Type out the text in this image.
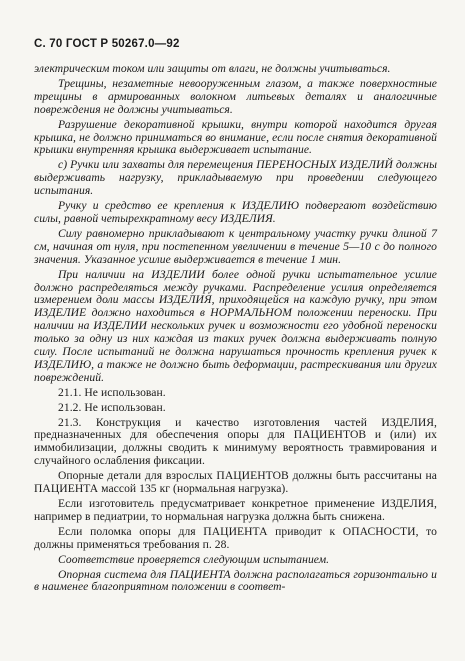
С. 70 ГОСТ Р 50267.0—92

электрическим током или защиты от влаги, не должны учитываться.

Трещины, незаметные невооруженным глазом, а также поверхностные трещины в армированных волокном литьевых деталях и аналогичные повреждения не должны учитываться.

Разрушение декоративной крышки, внутри которой находится другая крышка, не должно приниматься во внимание, если после снятия декоративной крышки внутренняя крышка выдерживает испытание.

с) Ручки или захваты для перемещения ПЕРЕНОСНЫХ ИЗДЕЛИЙ должны выдерживать нагрузку, прикладываемую при проведении следующего испытания.

Ручку и средство ее крепления к ИЗДЕЛИЮ подвергают воздействию силы, равной четырехкратному весу ИЗДЕЛИЯ.

Силу равномерно прикладывают к центральному участку ручки длиной 7 см, начиная от нуля, при постепенном увеличении в течение 5—10 с до полного значения. Указанное усилие выдерживается в течение 1 мин.

При наличии на ИЗДЕЛИИ более одной ручки испытательное усилие должно распределяться между ручками. Распределение усилия определяется измерением доли массы ИЗДЕЛИЯ, приходящейся на каждую ручку, при этом ИЗДЕЛИЕ должно находиться в НОРМАЛЬНОМ положении переноски. При наличии на ИЗДЕЛИИ нескольких ручек и возможности его удобной переноски только за одну из них каждая из таких ручек должна выдерживать полную силу. После испытаний не должна нарушаться прочность крепления ручек к ИЗДЕЛИЮ, а также не должно быть деформации, растрескивания или других повреждений.

21.1. Не использован.

21.2. Не использован.

21.3. Конструкция и качество изготовления частей ИЗДЕЛИЯ, предназначенных для обеспечения опоры для ПАЦИЕНТОВ и (или) их иммобилизации, должны сводить к минимуму вероятность травмирования и случайного ослабления фиксации.

Опорные детали для взрослых ПАЦИЕНТОВ должны быть рассчитаны на ПАЦИЕНТА массой 135 кг (нормальная нагрузка).

Если изготовитель предусматривает конкретное применение ИЗДЕЛИЯ, например в педиатрии, то нормальная нагрузка должна быть снижена.

Если поломка опоры для ПАЦИЕНТА приводит к ОПАСНОСТИ, то должны применяться требования п. 28.

Соответствие проверяется следующим испытанием.

Опорная система для ПАЦИЕНТА должна располагаться горизонтально и в наименее благоприятном положении в соответ-
